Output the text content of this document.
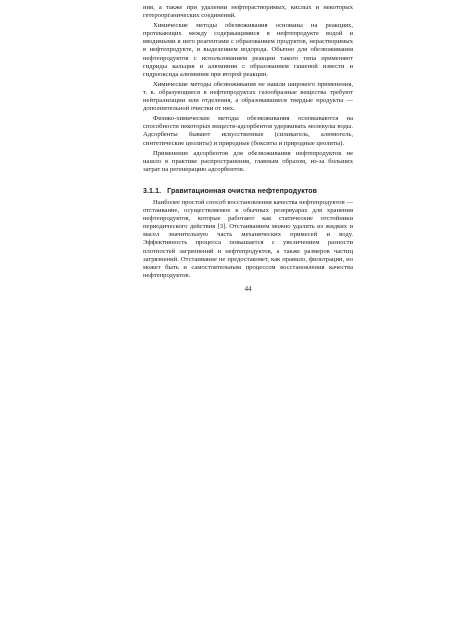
ния, а также при удалении нефтерастворимых, кислых и некоторых гетероорганических соединений.

Химические методы обезвоживания основаны на реакциях, протекающих между содержащимися в нефтепродукте водой и вводимыми в него реагентами с образованием продуктов, нерастворимых в нефтепродукте, и выделением водорода. Обычно для обезвоживания нефтепродуктов с использованием реакции такого типа применяют гидриды кальция и алюминия с образованием гашеной извести и гидрооксида алюминия при второй реакции.

Химические методы обезвоживания не нашли широкого применения, т. к. образующиеся в нефтепродуктах газообразные вещества требуют нейтрализации или отделения, а образовавшиеся твердые продукты — дополнительной очистки от них.

Физико-химические методы обезвоживания основываются на способности некоторых веществ-адсорбентов удерживать молекулы воды. Адсорбенты бывают искусственные (силикагель, алюмогель, синтетические цеолиты) и природные (бокситы и природные цеолиты).

Применение адсорбентов для обезвоживания нефтепродуктов не нашло в практике распространения, главным образом, из-за больших затрат на регенерацию адсорбентов.

3.1.1. Гравитационная очистка нефтепродуктов

Наиболее простой способ восстановления качества нефтепродуктов — отстаивание, осуществляемое в обычных резервуарах для хранения нефтепродуктов, которые работают как статические отстойники периодического действия [3]. Отстаиванием можно удалить из жидких и масел значительную часть механических примесей и воду. Эффективность процесса повышается с увеличением разности плотностей загрязнений и нефтепродуктов, а также размеров частиц загрязнений. Отстаивание не предоставляет, как правило, фильтрации, но может быть и самостоятельным процессом восстановления качества нефтепродуктов.

44
